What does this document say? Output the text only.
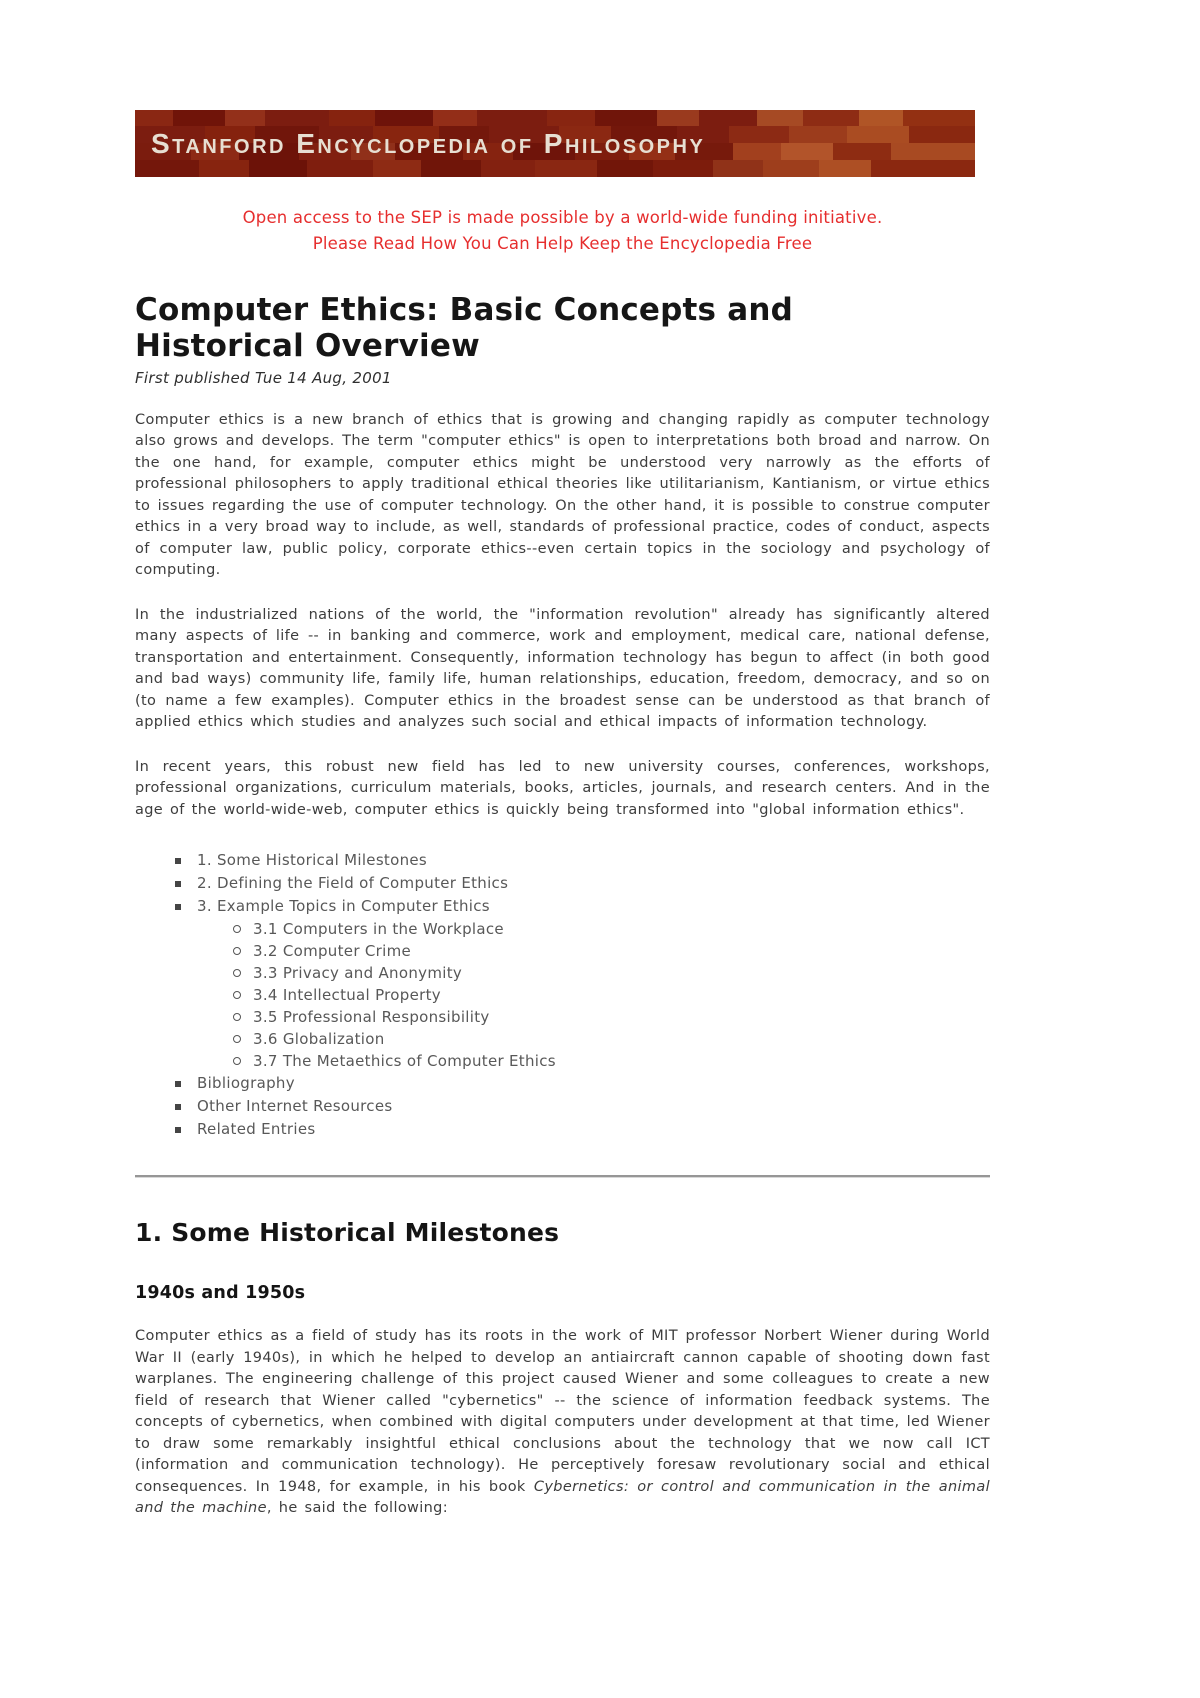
Stanford Encyclopedia of Philosophy
Open access to the SEP is made possible by a world-wide funding initiative.
Please Read How You Can Help Keep the Encyclopedia Free
Computer Ethics: Basic Concepts and Historical Overview

First published Tue 14 Aug, 2001

Computer ethics is a new branch of ethics that is growing and changing rapidly as computer technology also grows and develops. The term "computer ethics" is open to interpretations both broad and narrow. On the one hand, for example, computer ethics might be understood very narrowly as the efforts of professional philosophers to apply traditional ethical theories like utilitarianism, Kantianism, or virtue ethics to issues regarding the use of computer technology. On the other hand, it is possible to construe computer ethics in a very broad way to include, as well, standards of professional practice, codes of conduct, aspects of computer law, public policy, corporate ethics--even certain topics in the sociology and psychology of computing.

In the industrialized nations of the world, the "information revolution" already has significantly altered many aspects of life -- in banking and commerce, work and employment, medical care, national defense, transportation and entertainment. Consequently, information technology has begun to affect (in both good and bad ways) community life, family life, human relationships, education, freedom, democracy, and so on (to name a few examples). Computer ethics in the broadest sense can be understood as that branch of applied ethics which studies and analyzes such social and ethical impacts of information technology.

In recent years, this robust new field has led to new university courses, conferences, workshops, professional organizations, curriculum materials, books, articles, journals, and research centers. And in the age of the world-wide-web, computer ethics is quickly being transformed into "global information ethics".

1. Some Historical Milestones
2. Defining the Field of Computer Ethics
3. Example Topics in Computer Ethics
3.1 Computers in the Workplace
3.2 Computer Crime
3.3 Privacy and Anonymity
3.4 Intellectual Property
3.5 Professional Responsibility
3.6 Globalization
3.7 The Metaethics of Computer Ethics
Bibliography
Other Internet Resources
Related Entries
1. Some Historical Milestones
1940s and 1950s

Computer ethics as a field of study has its roots in the work of MIT professor Norbert Wiener during World War II (early 1940s), in which he helped to develop an antiaircraft cannon capable of shooting down fast warplanes. The engineering challenge of this project caused Wiener and some colleagues to create a new field of research that Wiener called "cybernetics" -- the science of information feedback systems. The concepts of cybernetics, when combined with digital computers under development at that time, led Wiener to draw some remarkably insightful ethical conclusions about the technology that we now call ICT (information and communication technology). He perceptively foresaw revolutionary social and ethical consequences. In 1948, for example, in his book Cybernetics: or control and communication in the animal and the machine, he said the following:
